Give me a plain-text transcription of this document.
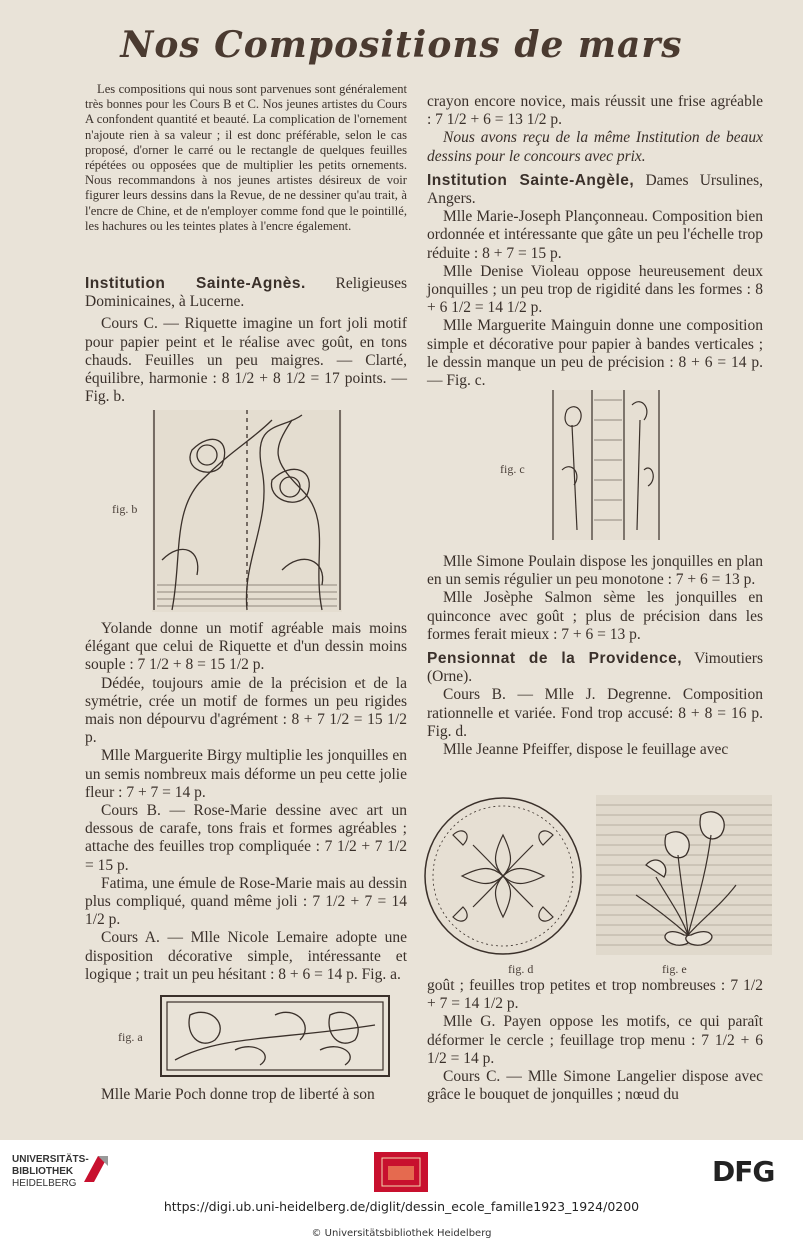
Nos Compositions de mars

Les compositions qui nous sont parvenues sont généralement très bonnes pour les Cours B et C. Nos jeunes artistes du Cours A confondent quantité et beauté. La complication de l'ornement n'ajoute rien à sa valeur ; il est donc préférable, selon le cas proposé, d'orner le carré ou le rectangle de quelques feuilles répétées ou opposées que de multiplier les petits ornements. Nous recommandons à nos jeunes artistes désireux de voir figurer leurs dessins dans la Revue, de ne dessiner qu'au trait, à l'encre de Chine, et de n'employer comme fond que le pointillé, les hachures ou les teintes plates à l'encre également.

Institution Sainte-Agnès. Religieuses Dominicaines, à Lucerne.

Cours C. — Riquette imagine un fort joli motif pour papier peint et le réalise avec goût, en tons chauds. Feuilles un peu maigres. — Clarté, équilibre, harmonie : 8 1/2 + 8 1/2 = 17 points. — Fig. b.

fig. b

Yolande donne un motif agréable mais moins élégant que celui de Riquette et d'un dessin moins souple : 7 1/2 + 8 = 15 1/2 p.

Dédée, toujours amie de la précision et de la symétrie, crée un motif de formes un peu rigides mais non dépourvu d'agrément : 8 + 7 1/2 = 15 1/2 p.

Mlle Marguerite Birgy multiplie les jonquilles en un semis nombreux mais déforme un peu cette jolie fleur : 7 + 7 = 14 p.

Cours B. — Rose-Marie dessine avec art un dessous de carafe, tons frais et formes agréables ; attache des feuilles trop compliquée : 7 1/2 + 7 1/2 = 15 p.

Fatima, une émule de Rose-Marie mais au dessin plus compliqué, quand même joli : 7 1/2 + 7 = 14 1/2 p.

Cours A. — Mlle Nicole Lemaire adopte une disposition décorative simple, intéressante et logique ; trait un peu hésitant : 8 + 6 = 14 p. Fig. a.

fig. a

Mlle Marie Poch donne trop de liberté à son

crayon encore novice, mais réussit une frise agréable : 7 1/2 + 6 = 13 1/2 p.

Nous avons reçu de la même Institution de beaux dessins pour le concours avec prix.

Institution Sainte-Angèle, Dames Ursulines, Angers.

Mlle Marie-Joseph Plançonneau. Composition bien ordonnée et intéressante que gâte un peu l'échelle trop réduite : 8 + 7 = 15 p.

Mlle Denise Violeau oppose heureusement deux jonquilles ; un peu trop de rigidité dans les formes : 8 + 6 1/2 = 14 1/2 p.

Mlle Marguerite Mainguin donne une composition simple et décorative pour papier à bandes verticales ; le dessin manque un peu de précision : 8 + 6 = 14 p. — Fig. c.

fig. c

Mlle Simone Poulain dispose les jonquilles en plan en un semis régulier un peu monotone : 7 + 6 = 13 p.

Mlle Josèphe Salmon sème les jonquilles en quinconce avec goût ; plus de précision dans les formes ferait mieux : 7 + 6 = 13 p.

Pensionnat de la Providence, Vimoutiers (Orne).

Cours B. — Mlle J. Degrenne. Composition rationnelle et variée. Fond trop accusé: 8 + 8 = 16 p. Fig. d.

Mlle Jeanne Pfeiffer, dispose le feuillage avec

fig. d	fig. e

goût ; feuilles trop petites et trop nombreuses : 7 1/2 + 7 = 14 1/2 p.

Mlle G. Payen oppose les motifs, ce qui paraît déformer le cercle ; feuillage trop menu : 7 1/2 + 6 1/2 = 14 p.

Cours C. — Mlle Simone Langelier dispose avec grâce le bouquet de jonquilles ; nœud du

UNIVERSITÄTS-
BIBLIOTHEK
HEIDELBERG	DFG
https://digi.ub.uni-heidelberg.de/diglit/dessin_ecole_famille1923_1924/0200
© Universitätsbibliothek Heidelberg
